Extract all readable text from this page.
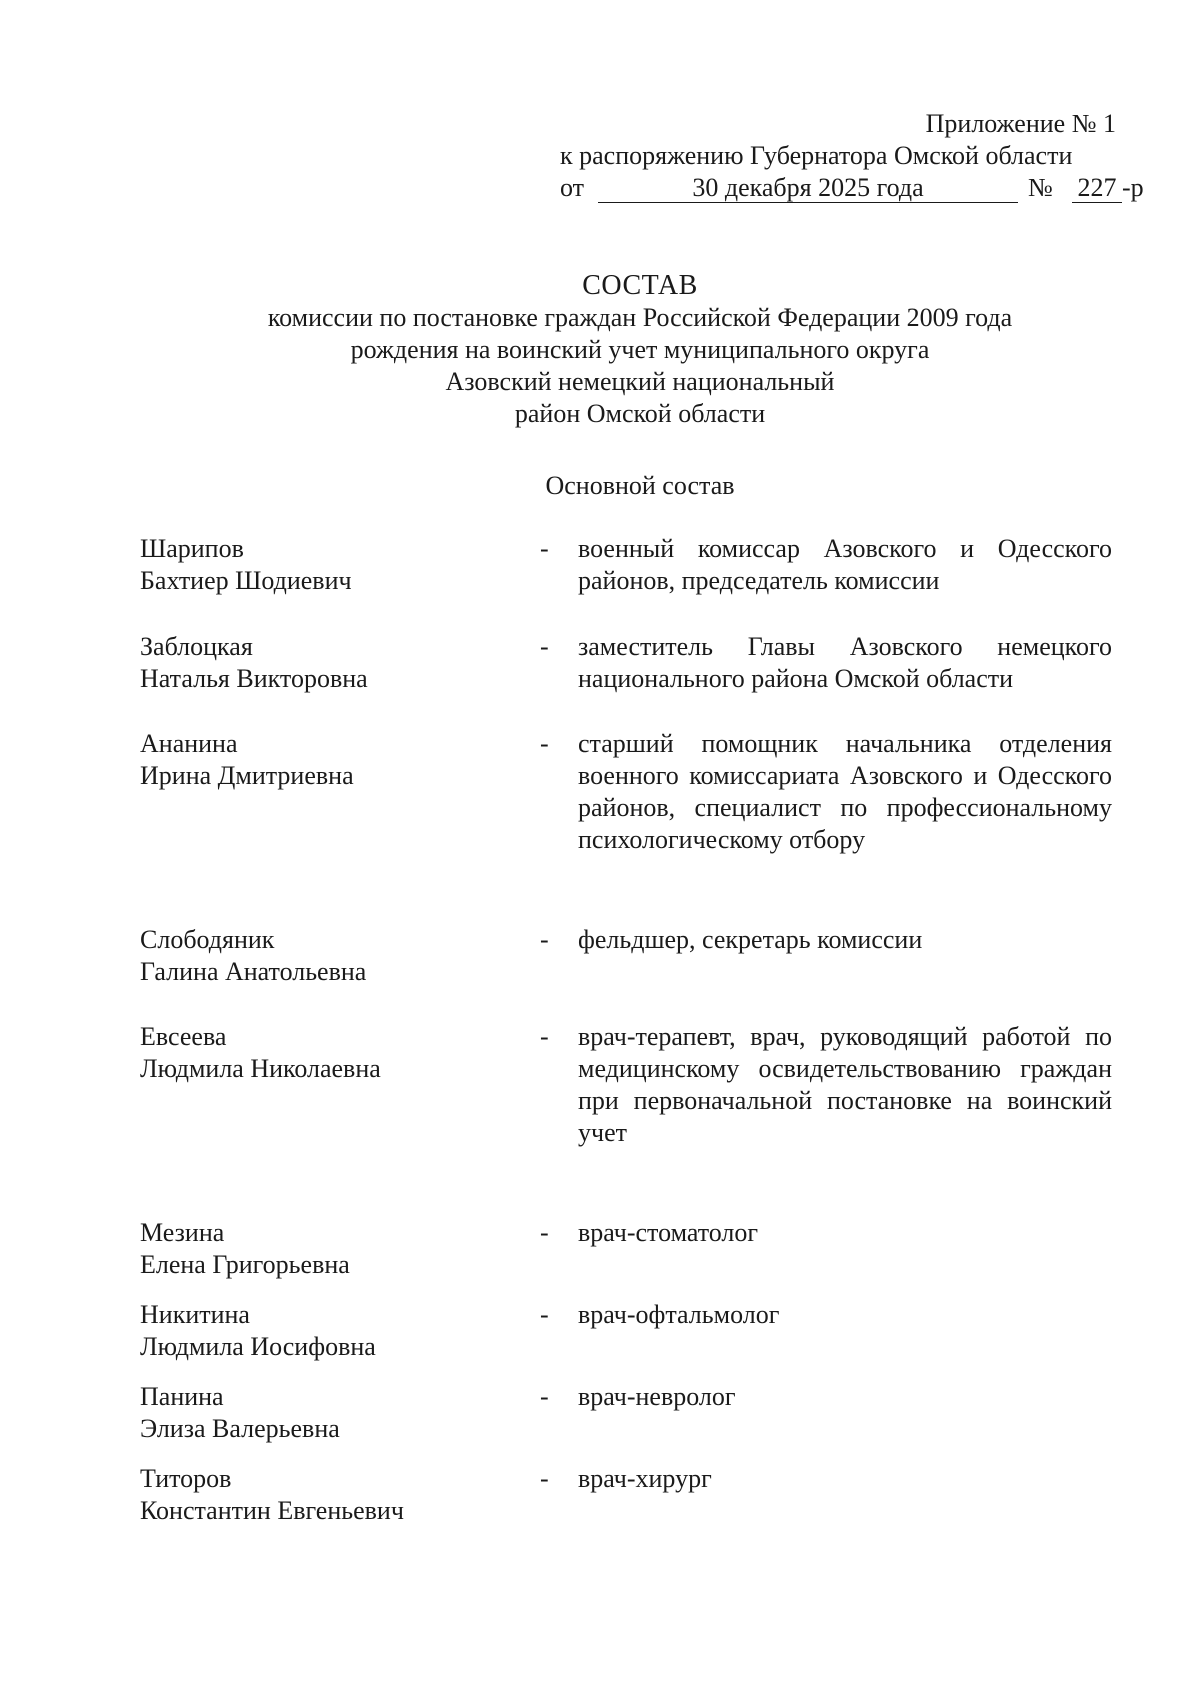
Приложение № 1
к распоряжению Губернатора Омской области
от	30 декабря 2025 года	№ 227 -р
СОСТАВ
комиссии по постановке граждан Российской Федерации 2009 года
рождения на воинский учет муниципального округа
Азовский немецкий национальный
район Омской области
Основной состав
Шарипов
Бахтиер Шодиевич
- военный комиссар Азовского и Одесского районов, председатель комиссии
Заблоцкая
Наталья Викторовна
- заместитель Главы Азовского немецкого национального района Омской области
Ананина
Ирина Дмитриевна
- старший помощник начальника отделения военного комиссариата Азовского и Одесского районов, специалист по профессиональному психологическому отбору
Слободяник
Галина Анатольевна
- фельдшер, секретарь комиссии
Евсеева
Людмила Николаевна
- врач-терапевт, врач, руководящий работой по медицинскому освидетельствованию граждан при первоначальной постановке на воинский учет
Мезина
Елена Григорьевна
- врач-стоматолог
Никитина
Людмила Иосифовна
- врач-офтальмолог
Панина
Элиза Валерьевна
- врач-невролог
Титоров
Константин Евгеньевич
- врач-хирург
